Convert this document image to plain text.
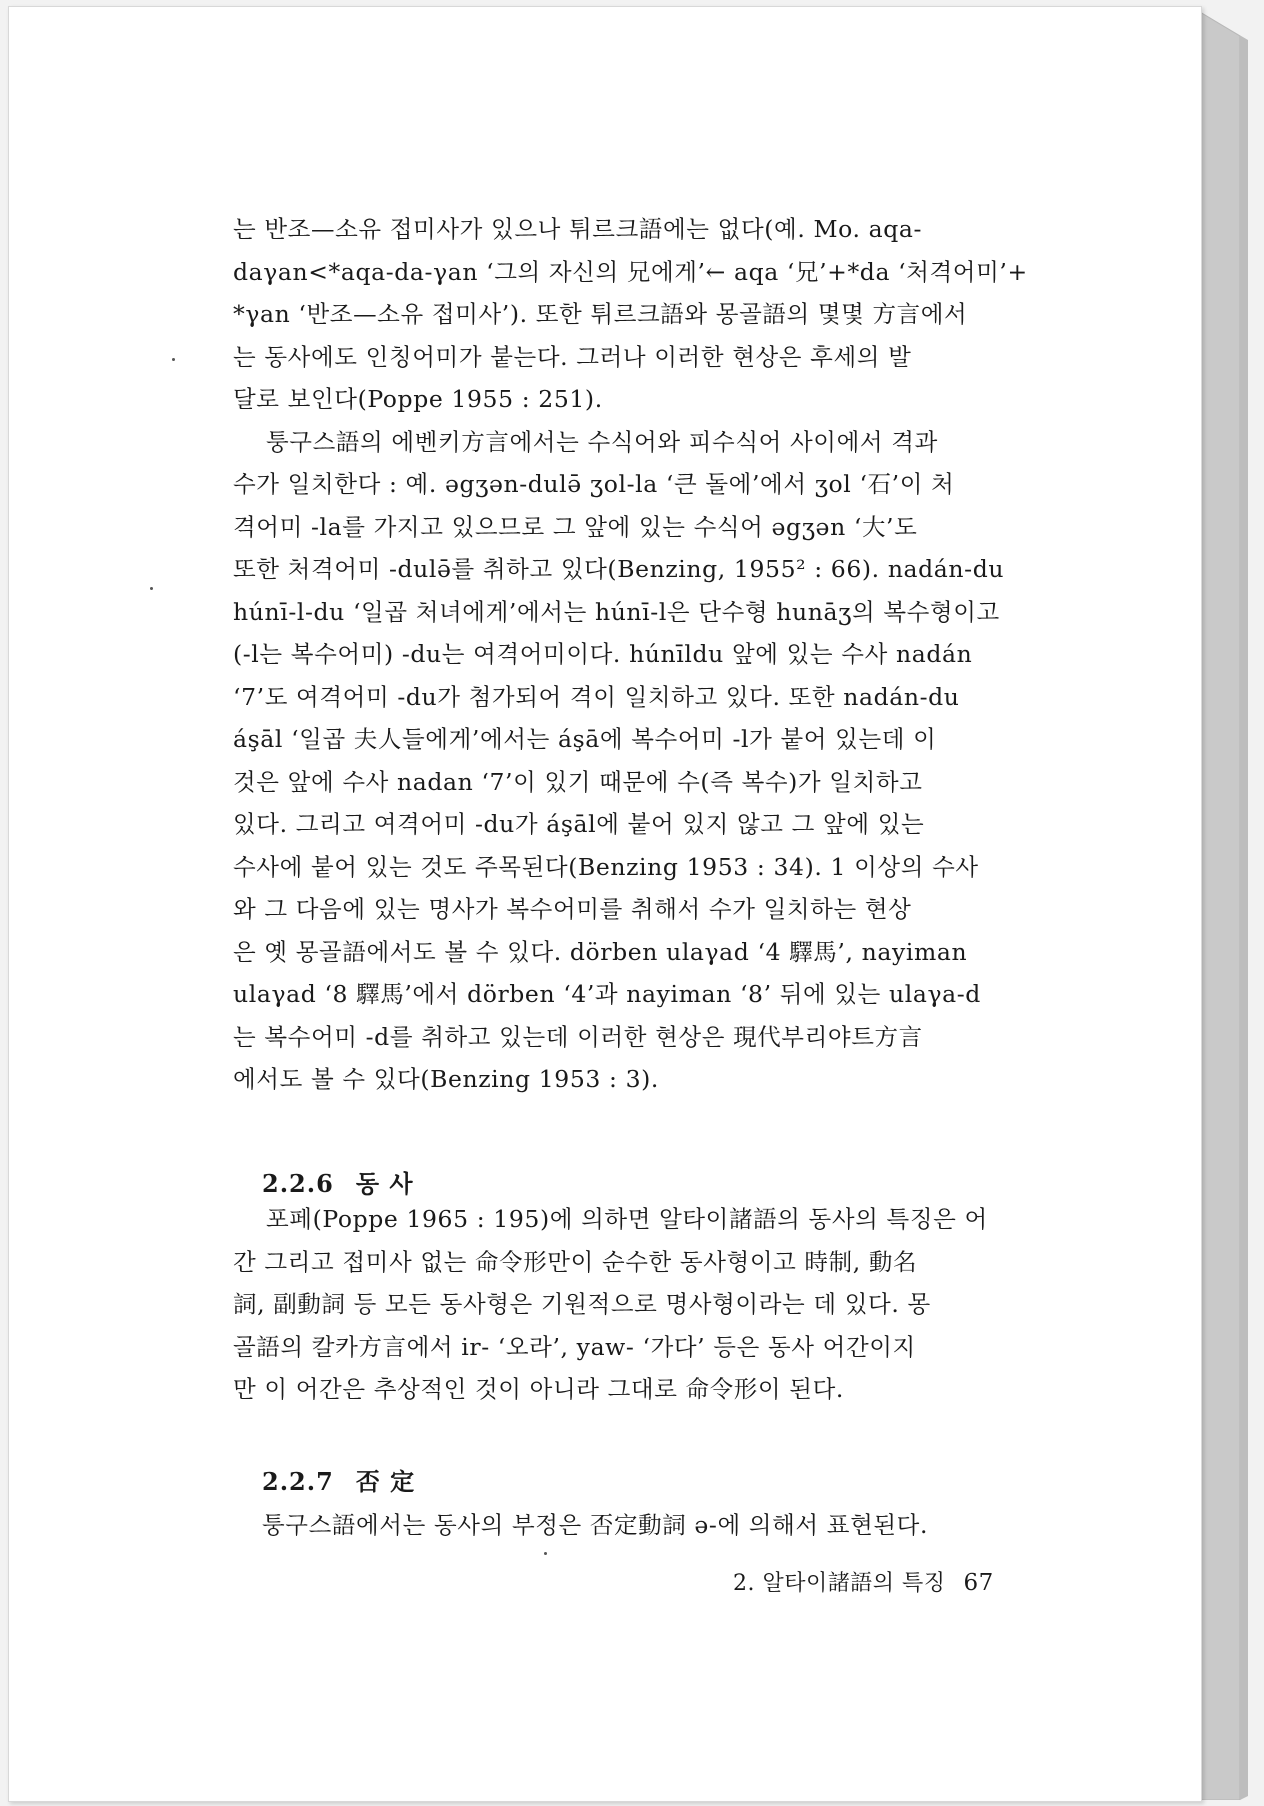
는 반조—소유 접미사가 있으나 튀르크語에는 없다(예. Mo. aqa-
daγan<*aqa-da-γan ‘그의 자신의 兄에게’← aqa ‘兄’+*da ‘처격어미’+
*γan ‘반조—소유 접미사’). 또한 튀르크語와 몽골語의 몇몇 方言에서
는 동사에도 인칭어미가 붙는다. 그러나 이러한 현상은 후세의 발
달로 보인다(Poppe 1955 : 251).

퉁구스語의 에벤키方言에서는 수식어와 피수식어 사이에서 격과
수가 일치한다 : 예. əgʒən-dulə̄ ʒol-la ‘큰 돌에’에서 ʒol ‘石’이 처
격어미 -la를 가지고 있으므로 그 앞에 있는 수식어 əgʒən ‘大’도
또한 처격어미 -dulə̄를 취하고 있다(Benzing, 1955² : 66). nadán-du
húnī-l-du ‘일곱 처녀에게’에서는 húnī-l은 단수형 hunāʒ의 복수형이고
(-l는 복수어미) -du는 여격어미이다. húnīldu 앞에 있는 수사 nadán
‘7’도 여격어미 -du가 첨가되어 격이 일치하고 있다. 또한 nadán-du
áşāl ‘일곱 夫人들에게’에서는 áşā에 복수어미 -l가 붙어 있는데 이
것은 앞에 수사 nadan ‘7’이 있기 때문에 수(즉 복수)가 일치하고
있다. 그리고 여격어미 -du가 áşāl에 붙어 있지 않고 그 앞에 있는
수사에 붙어 있는 것도 주목된다(Benzing 1953 : 34). 1 이상의 수사
와 그 다음에 있는 명사가 복수어미를 취해서 수가 일치하는 현상
은 옛 몽골語에서도 볼 수 있다. dörben ulaγad ‘4 驛馬’, nayiman
ulaγad ‘8 驛馬’에서 dörben ‘4’과 nayiman ‘8’ 뒤에 있는 ulaγa-d
는 복수어미 -d를 취하고 있는데 이러한 현상은 現代부리야트方言
에서도 볼 수 있다(Benzing 1953 : 3).

2.2.6 동 사

포페(Poppe 1965 : 195)에 의하면 알타이諸語의 동사의 특징은 어
간 그리고 접미사 없는 命令形만이 순수한 동사형이고 時制, 動名
詞, 副動詞 등 모든 동사형은 기원적으로 명사형이라는 데 있다. 몽
골語의 칼카方言에서 ir- ‘오라’, yaw- ‘가다’ 등은 동사 어간이지
만 이 어간은 추상적인 것이 아니라 그대로 命令形이 된다.

2.2.7 否 定
퉁구스語에서는 동사의 부정은 否定動詞 ə-에 의해서 표현된다.
2. 알타이諸語의 특징 67
